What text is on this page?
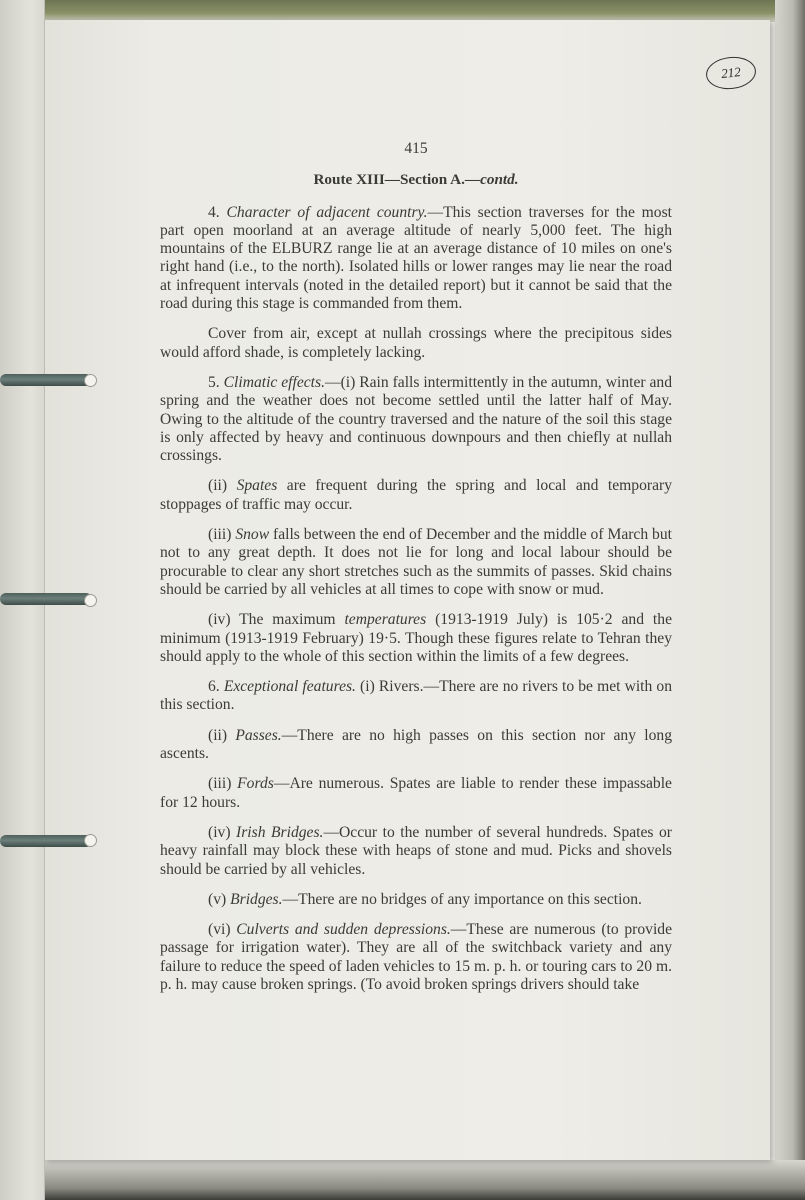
212
415
Route XIII—Section A.—contd.

4. Character of adjacent country.—This section traverses for the most part open moorland at an average altitude of nearly 5,000 feet. The high mountains of the ELBURZ range lie at an average distance of 10 miles on one's right hand (i.e., to the north). Isolated hills or lower ranges may lie near the road at infrequent intervals (noted in the detailed report) but it cannot be said that the road during this stage is commanded from them.

Cover from air, except at nullah crossings where the precipitous sides would afford shade, is completely lacking.

5. Climatic effects.—(i) Rain falls intermittently in the autumn, winter and spring and the weather does not become settled until the latter half of May. Owing to the altitude of the country traversed and the nature of the soil this stage is only affected by heavy and continuous downpours and then chiefly at nullah crossings.

(ii) Spates are frequent during the spring and local and temporary stoppages of traffic may occur.

(iii) Snow falls between the end of December and the middle of March but not to any great depth. It does not lie for long and local labour should be procurable to clear any short stretches such as the summits of passes. Skid chains should be carried by all vehicles at all times to cope with snow or mud.

(iv) The maximum temperatures (1913-1919 July) is 105·2 and the minimum (1913-1919 February) 19·5. Though these figures relate to Tehran they should apply to the whole of this section within the limits of a few degrees.

6. Exceptional features. (i) Rivers.—There are no rivers to be met with on this section.

(ii) Passes.—There are no high passes on this section nor any long ascents.

(iii) Fords—Are numerous. Spates are liable to render these impassable for 12 hours.

(iv) Irish Bridges.—Occur to the number of several hundreds. Spates or heavy rainfall may block these with heaps of stone and mud. Picks and shovels should be carried by all vehicles.

(v) Bridges.—There are no bridges of any importance on this section.

(vi) Culverts and sudden depressions.—These are numerous (to provide passage for irrigation water). They are all of the switchback variety and any failure to reduce the speed of laden vehicles to 15 m. p. h. or touring cars to 20 m. p. h. may cause broken springs. (To avoid broken springs drivers should take
